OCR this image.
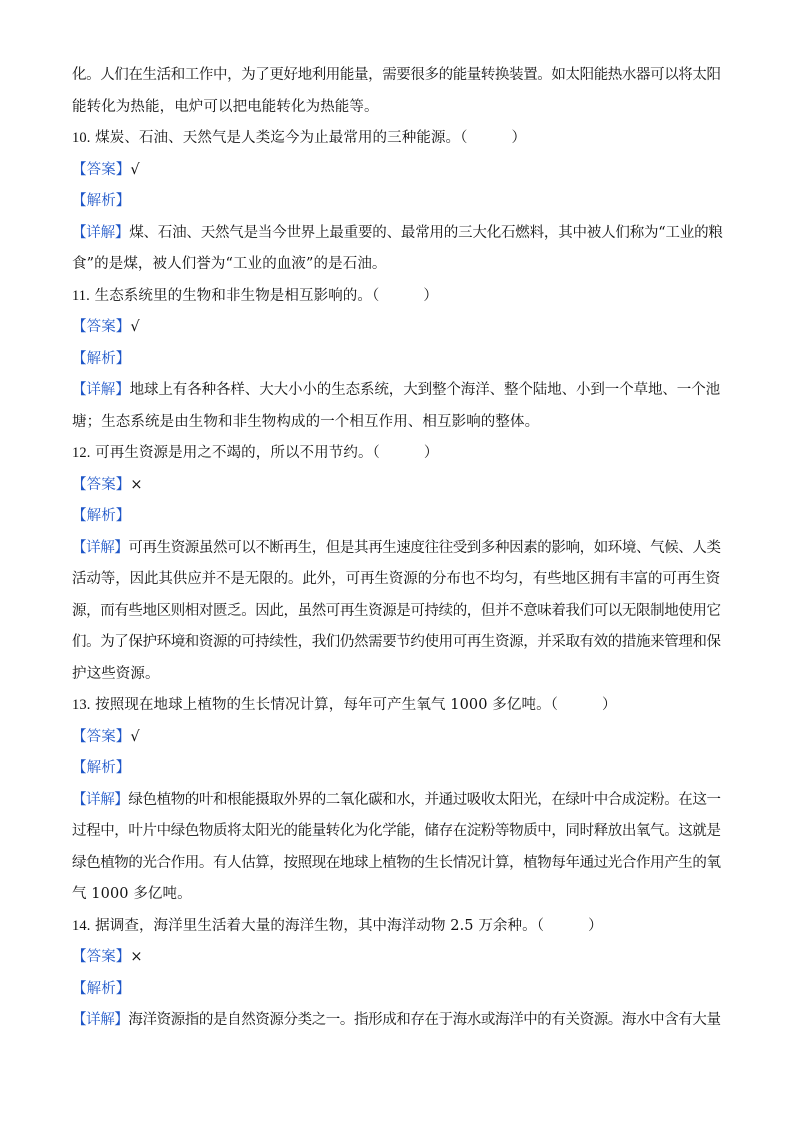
化。人们在生活和工作中，为了更好地利用能量，需要很多的能量转换装置。如太阳能热水器可以将太阳
能转化为热能，电炉可以把电能转化为热能等。
10. 煤炭、石油、天然气是人类迄今为止最常用的三种能源。（	）
【答案】√
【解析】
【详解】煤、石油、天然气是当今世界上最重要的、最常用的三大化石燃料，其中被人们称为“工业的粮
食”的是煤，被人们誉为“工业的血液”的是石油。
11. 生态系统里的生物和非生物是相互影响的。（	）
【答案】√
【解析】
【详解】地球上有各种各样、大大小小的生态系统，大到整个海洋、整个陆地、小到一个草地、一个池
塘；生态系统是由生物和非生物构成的一个相互作用、相互影响的整体。
12. 可再生资源是用之不竭的，所以不用节约。（	）
【答案】×
【解析】
【详解】可再生资源虽然可以不断再生，但是其再生速度往往受到多种因素的影响，如环境、气候、人类
活动等，因此其供应并不是无限的。此外，可再生资源的分布也不均匀，有些地区拥有丰富的可再生资
源，而有些地区则相对匮乏。因此，虽然可再生资源是可持续的，但并不意味着我们可以无限制地使用它
们。为了保护环境和资源的可持续性，我们仍然需要节约使用可再生资源，并采取有效的措施来管理和保
护这些资源。
13. 按照现在地球上植物的生长情况计算，每年可产生氧气 1000 多亿吨。（	）
【答案】√
【解析】
【详解】绿色植物的叶和根能摄取外界的二氧化碳和水，并通过吸收太阳光，在绿叶中合成淀粉。在这一
过程中，叶片中绿色物质将太阳光的能量转化为化学能，储存在淀粉等物质中，同时释放出氧气。这就是
绿色植物的光合作用。有人估算，按照现在地球上植物的生长情况计算，植物每年通过光合作用产生的氧
气 1000 多亿吨。
14. 据调查，海洋里生活着大量的海洋生物，其中海洋动物 2.5 万余种。（	）
【答案】×
【解析】
【详解】海洋资源指的是自然资源分类之一。指形成和存在于海水或海洋中的有关资源。海水中含有大量
